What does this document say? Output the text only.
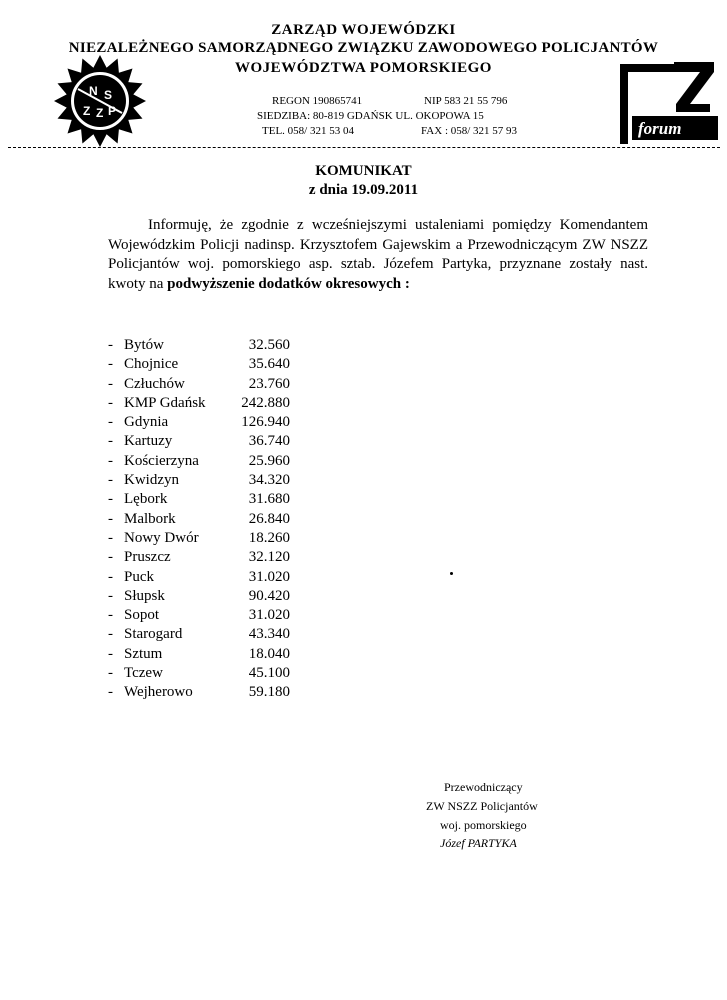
ZARZĄD WOJEWÓDZKI
NIEZALEŻNEGO SAMORZĄDNEGO ZWIĄZKU ZAWODOWEGO POLICJANTÓW
WOJEWÓDZTWA POMORSKIEGO
REGON 190865741	NIP 583 21 55 796
SIEDZIBA: 80-819 GDAŃSK UL. OKOPOWA 15
TEL. 058/ 321 53 04	FAX : 058/ 321 57 93
N S
Z Z P
forum
Z
KOMUNIKAT
z dnia 19.09.2011
Informuję, że zgodnie z wcześniejszymi ustaleniami pomiędzy Komendantem Wojewódzkim Policji nadinsp. Krzysztofem Gajewskim a Przewodniczącym ZW NSZZ Policjantów woj. pomorskiego asp. sztab. Józefem Partyka, przyznane zostały nast. kwoty na podwyższenie dodatków okresowych :
- Bytów	32.560
- Chojnice	35.640
- Człuchów	23.760
- KMP Gdańsk 242.880
- Gdynia	126.940
- Kartuzy	36.740
- Kościerzyna	25.960
- Kwidzyn	34.320
- Lębork	31.680
- Malbork	26.840
- Nowy Dwór	18.260
- Pruszcz	32.120
- Puck	31.020
- Słupsk	90.420
- Sopot	31.020
- Starogard	43.340
- Sztum	18.040
- Tczew	45.100
- Wejherowo	59.180
Przewodniczący
ZW NSZZ Policjantów
woj. pomorskiego
Józef PARTYKA
